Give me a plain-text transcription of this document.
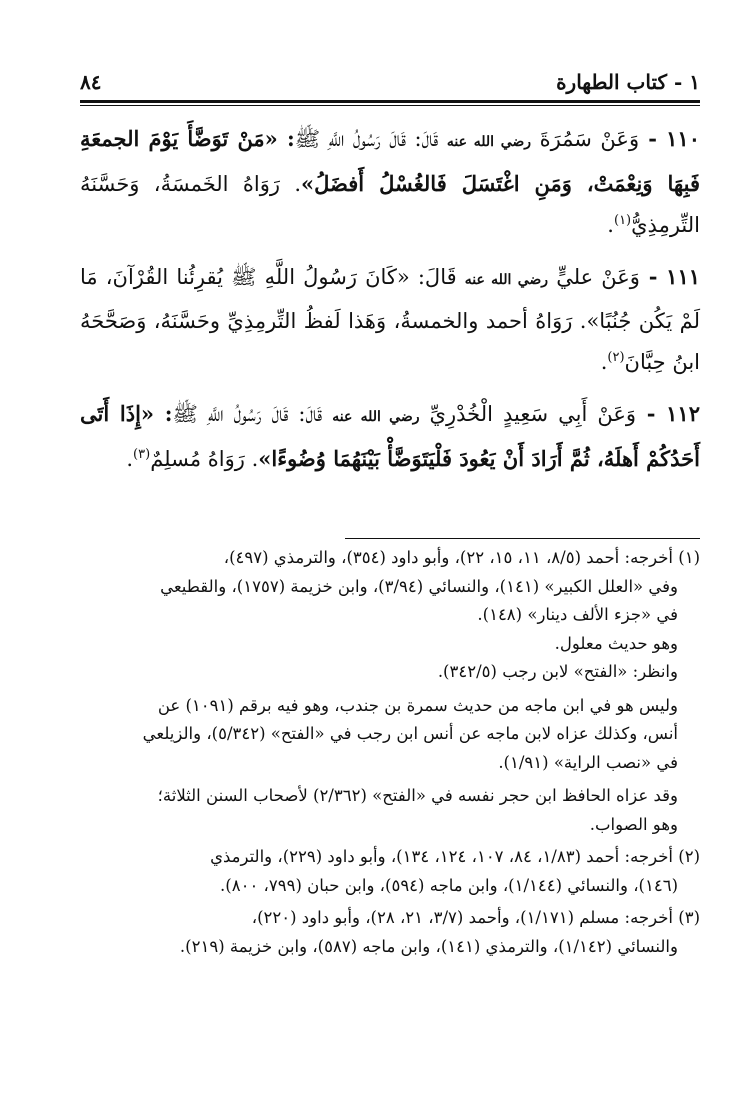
١ - كتاب الطهارة
٨٤

١١٠ - وَعَنْ سَمُرَةَ رضي الله عنه قَالَ: قَالَ رَسُولُ اللَّهِ ﷺ: «مَنْ تَوَضَّأَ يَوْمَ الجمعَةِ فَبِهَا وَنِعْمَتْ، وَمَنِ اغْتَسَلَ فَالغُسْلُ أَفضَلُ». رَوَاهُ الخَمسَةُ، وَحَسَّنَهُ التِّرمِذِيُّ$^{(١)}$.

١١١ - وَعَنْ عليٍّ رضي الله عنه قَالَ: «كَانَ رَسُولُ اللَّهِ ﷺ يُقرِئُنا القُرْآنَ، مَا لَمْ يَكُن جُنُبًا». رَوَاهُ أحمد والخمسةُ، وَهَذا لَفظُ التِّرمِذِيِّ وحَسَّنَهُ، وَصَحَّحَهُ ابنُ حِبَّانَ$^{(٢)}$.

١١٢ - وَعَنْ أَبِي سَعِيدٍ الْخُدْرِيِّ رضي الله عنه قَالَ: قَالَ رَسُولُ اللَّهِ ﷺ: «إِذَا أَتَى أَحَدُكُمْ أَهلَهُ، ثُمَّ أَرَادَ أَنْ يَعُودَ فَلْيَتَوَضَّأْ بَيْنَهُمَا وُضُوءًا». رَوَاهُ مُسلِمٌ$^{(٣)}$.

(١) أخرجه: أحمد (٨/٥، ١١، ١٥، ٢٢)، وأبو داود (٣٥٤)، والترمذي (٤٩٧)،
وفي «العلل الكبير» (١٤١)، والنسائي (٣/٩٤)، وابن خزيمة (١٧٥٧)، والقطيعي
في «جزء الألف دينار» (١٤٨).
وهو حديث معلول.
وانظر: «الفتح» لابن رجب (٣٤٢/٥).
وليس هو في ابن ماجه من حديث سمرة بن جندب، وهو فيه برقم (١٠٩١) عن
أنس، وكذلك عزاه لابن ماجه عن أنس ابن رجب في «الفتح» (٥/٣٤٢)، والزيلعي
في «نصب الراية» (١/٩١).
وقد عزاه الحافظ ابن حجر نفسه في «الفتح» (٢/٣٦٢) لأصحاب السنن الثلاثة؛
وهو الصواب.
(٢) أخرجه: أحمد (١/٨٣، ٨٤، ١٠٧، ١٢٤، ١٣٤)، وأبو داود (٢٢٩)، والترمذي
(١٤٦)، والنسائي (١/١٤٤)، وابن ماجه (٥٩٤)، وابن حبان (٧٩٩، ٨٠٠).
(٣) أخرجه: مسلم (١/١٧١)، وأحمد (٣/٧، ٢١، ٢٨)، وأبو داود (٢٢٠)،
والنسائي (١/١٤٢)، والترمذي (١٤١)، وابن ماجه (٥٨٧)، وابن خزيمة (٢١٩).
